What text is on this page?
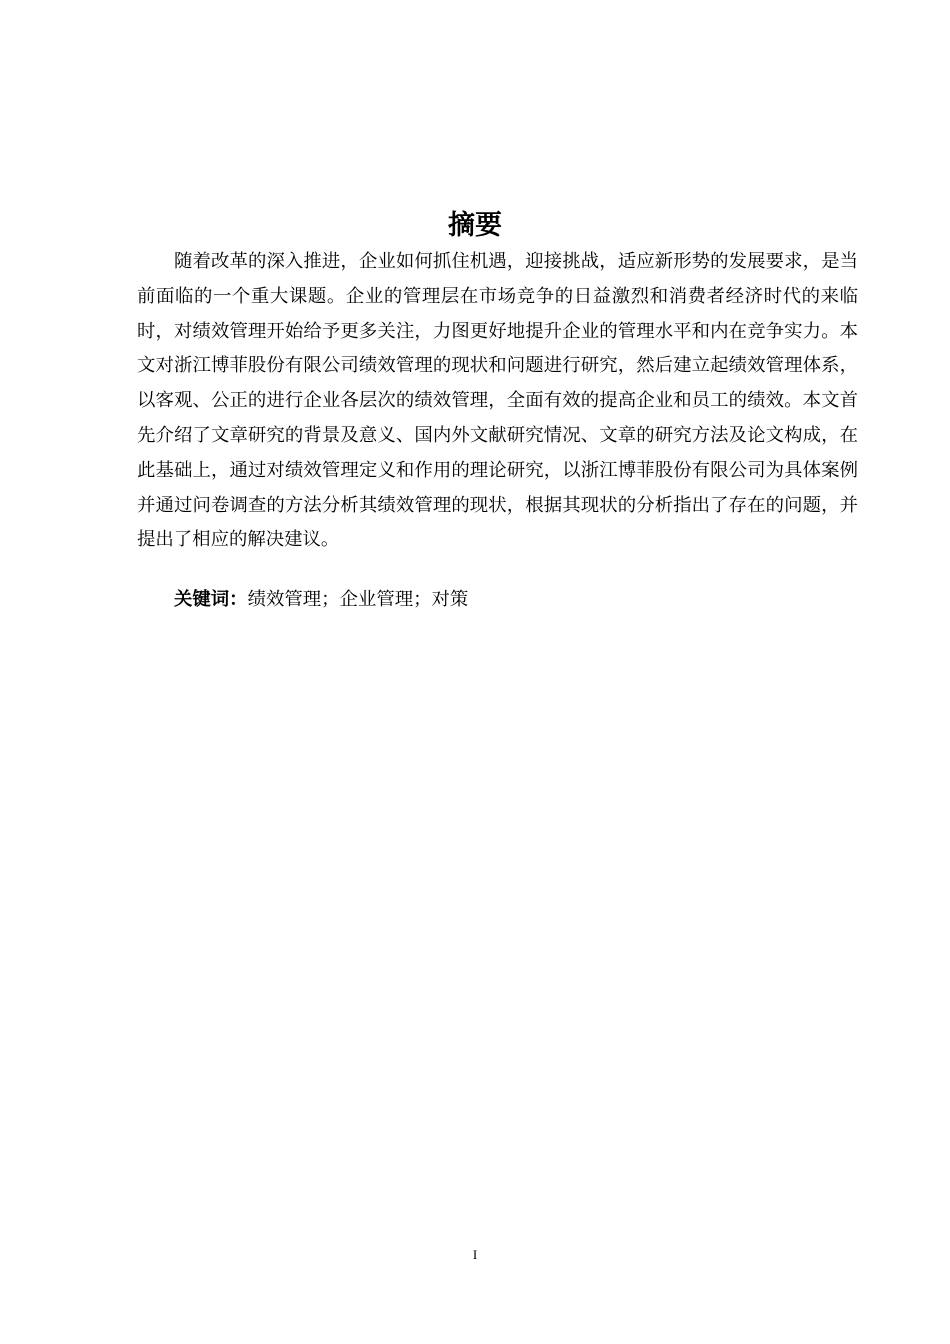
摘要

随着改革的深入推进，企业如何抓住机遇，迎接挑战，适应新形势的发展要求，是当前面临的一个重大课题。企业的管理层在市场竞争的日益激烈和消费者经济时代的来临时，对绩效管理开始给予更多关注，力图更好地提升企业的管理水平和内在竞争实力。本文对浙江博菲股份有限公司绩效管理的现状和问题进行研究，然后建立起绩效管理体系，以客观、公正的进行企业各层次的绩效管理，全面有效的提高企业和员工的绩效。本文首先介绍了文章研究的背景及意义、国内外文献研究情况、文章的研究方法及论文构成，在此基础上，通过对绩效管理定义和作用的理论研究，以浙江博菲股份有限公司为具体案例并通过问卷调查的方法分析其绩效管理的现状，根据其现状的分析指出了存在的问题，并提出了相应的解决建议。

关键词：绩效管理；企业管理；对策

I
